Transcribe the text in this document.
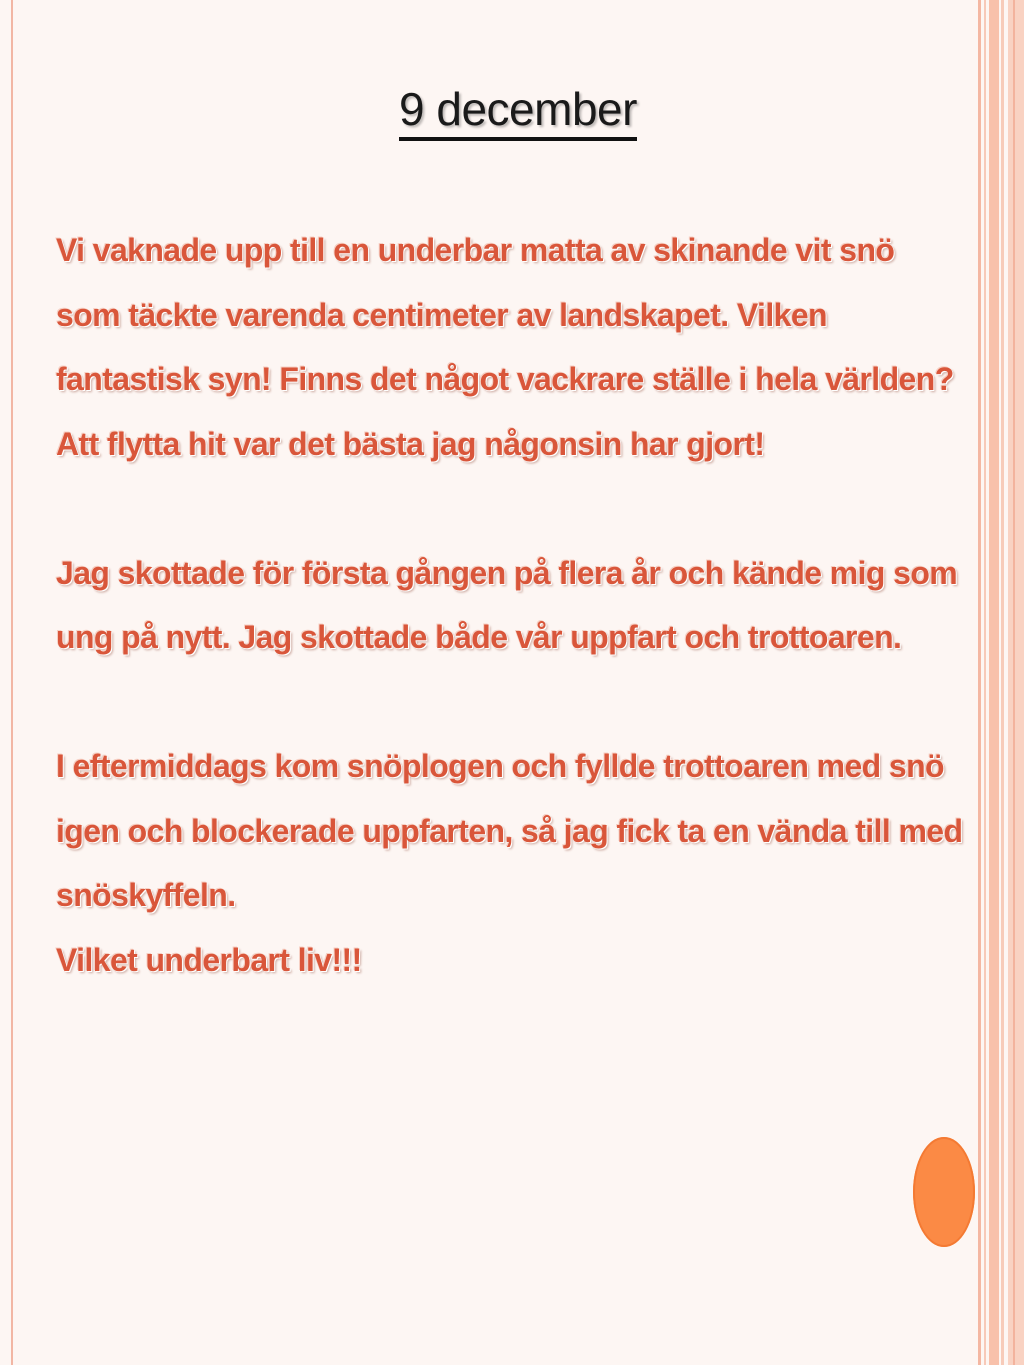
9 december

Vi vaknade upp till en underbar matta av skinande vit snö som täckte varenda centimeter av landskapet. Vilken fantastisk syn! Finns det något vackrare ställe i hela världen? Att flytta hit var det bästa jag någonsin har gjort!

Jag skottade för första gången på flera år och kände mig som ung på nytt. Jag skottade både vår uppfart och trottoaren.

I eftermiddags kom snöplogen och fyllde trottoaren med snö igen och blockerade uppfarten, så jag fick ta en vända till med snöskyffeln.

Vilket underbart liv!!!
